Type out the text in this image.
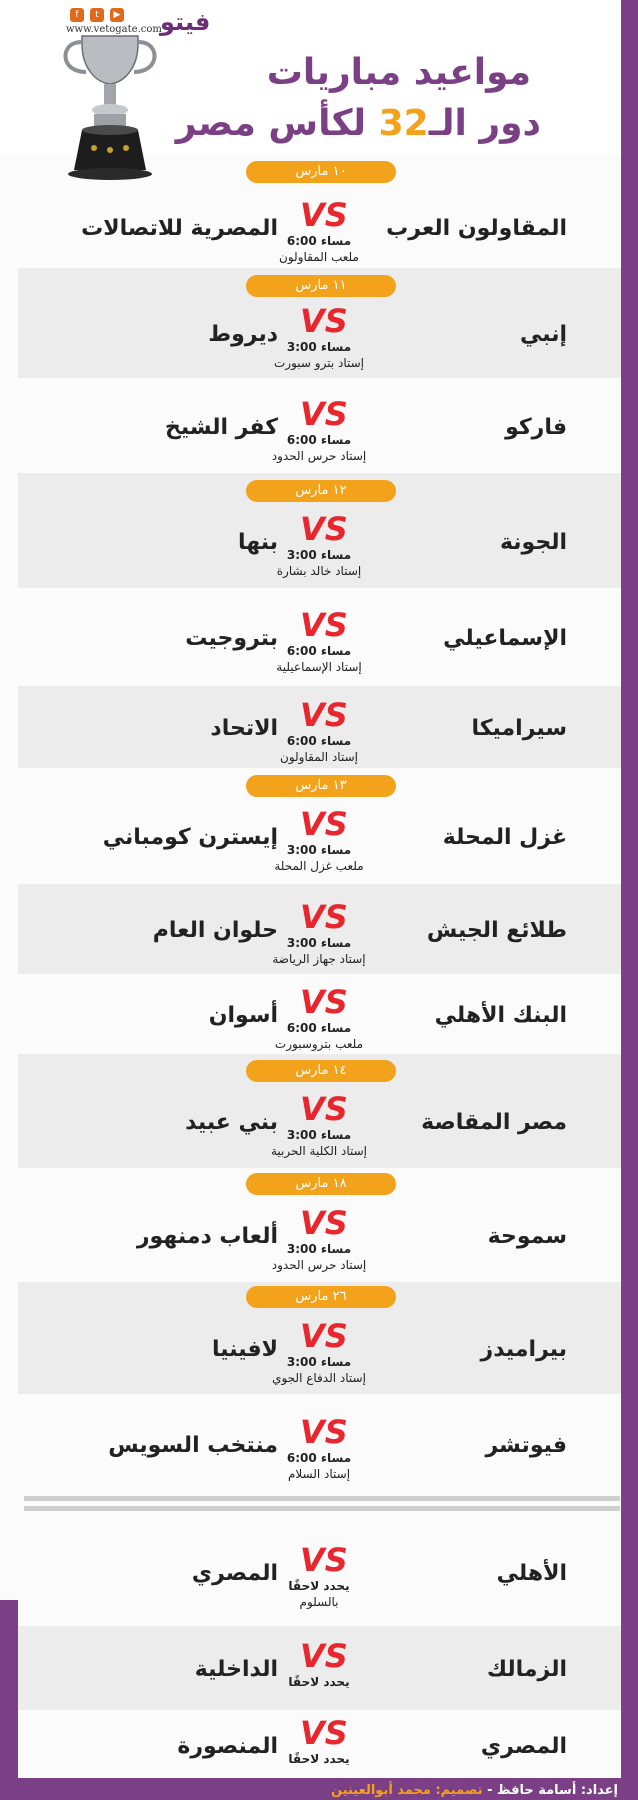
f	t	▶
www.vetogate.com
فيتو
مواعيد مباريات
دور الـ32 لكأس مصر
المقاولون العرب
المصرية للاتصالات VS
6:00 مساء
ملعب المقاولون
إنبي
ديروط VS
3:00 مساء
إستاد بترو سبورت
فاركو
كفر الشيخ VS
6:00 مساء
إستاد حرس الحدود
الجونة
بنها VS
3:00 مساء
إستاد خالد بشارة
الإسماعيلي
بتروجيت VS
6:00 مساء
إستاد الإسماعيلية
سيراميكا
الاتحاد VS
6:00 مساء
إستاد المقاولون
غزل المحلة
إيسترن كومباني VS
3:00 مساء
ملعب غزل المحلة
طلائع الجيش
حلوان العام VS
3:00 مساء
إستاد جهاز الرياضة
البنك الأهلي
أسوان VS
6:00 مساء
ملعب بتروسبورت
مصر المقاصة
بني عبيد VS
3:00 مساء
إستاد الكلية الحربية
سموحة
ألعاب دمنهور VS
3:00 مساء
إستاد حرس الحدود
بيراميدز
لافينيا VS
3:00 مساء
إستاد الدفاع الجوي
فيوتشر
منتخب السويس VS
6:00 مساء
إستاد السلام
الأهلي
المصري VS
يحدد لاحقًا
بالسلوم
الزمالك
الداخلية VS
يحدد لاحقًا
المصري
المنصورة VS
يحدد لاحقًا
١٠ مارس
١١ مارس
١٢ مارس
١٣ مارس
١٤ مارس
١٨ مارس
٢٦ مارس
إعداد: أسامة حافظ - تصميم: محمد أبوالعينين
